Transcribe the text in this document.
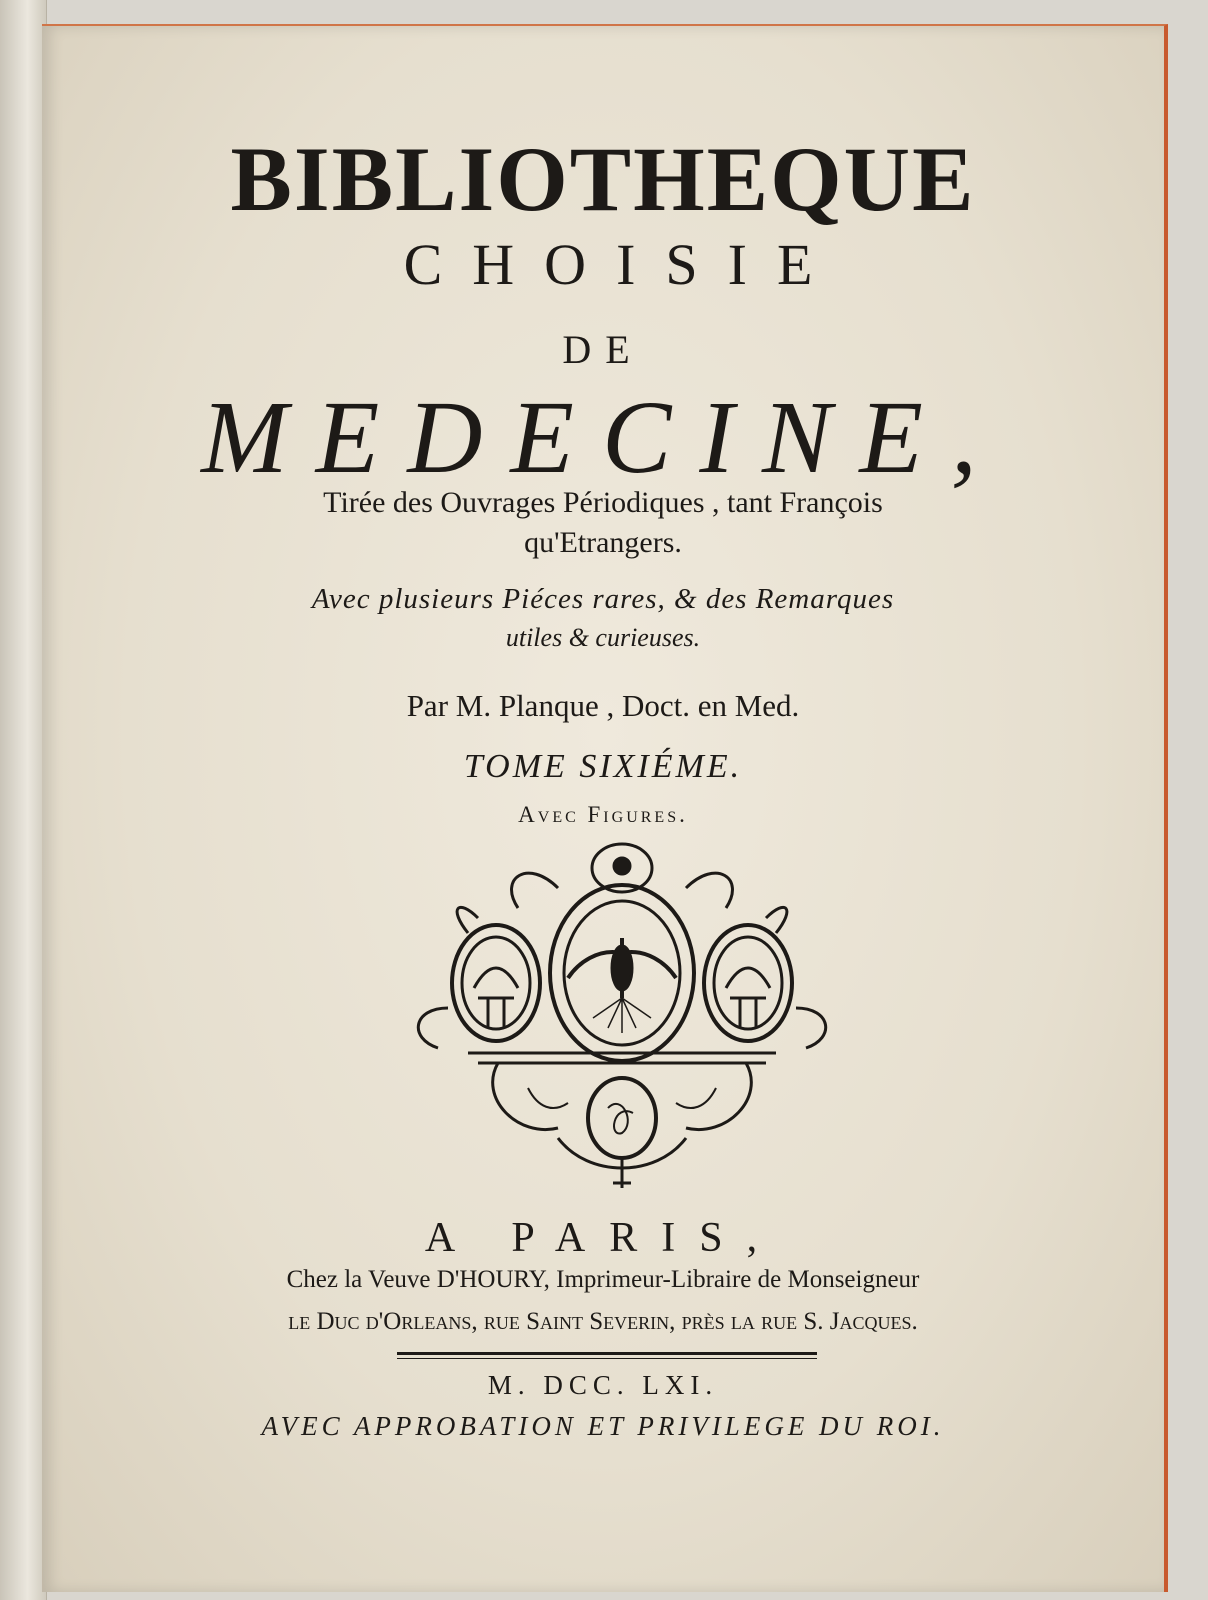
BIBLIOTHEQUE
CHOISIE
DE
MEDECINE,
Tirée des Ouvrages Périodiques , tant François
qu'Etrangers.
Avec plusieurs Piéces rares, & des Remarques
utiles & curieuses.
Par M. Planque , Doct. en Med.
TOME SIXIÉME.
Avec Figures.
A PARIS,
Chez la Veuve D'HOURY, Imprimeur-Libraire de Monseigneur
le Duc d'Orleans, rue Saint Severin, près la rue S. Jacques.
M. DCC. LXI.
AVEC APPROBATION ET PRIVILEGE DU ROI.
